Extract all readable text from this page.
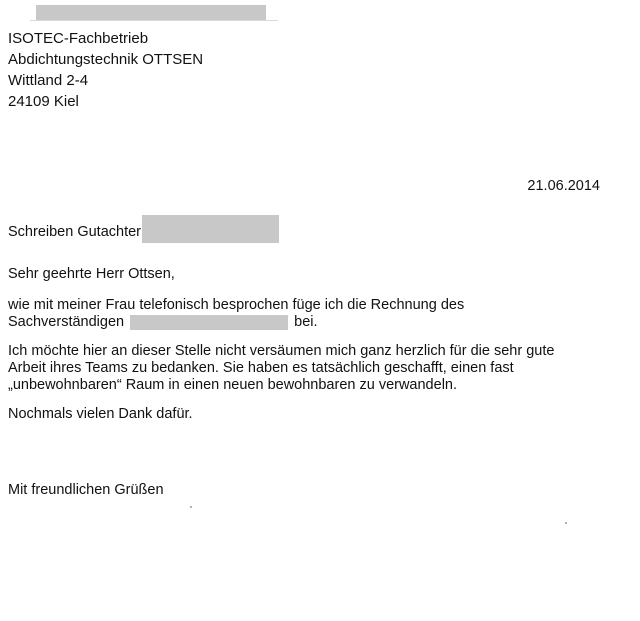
ISOTEC-Fachbetrieb
Abdichtungstechnik OTTSEN
Wittland 2-4
24109 Kiel
21.06.2014
Schreiben Gutachter
Sehr geehrte Herr Ottsen,
wie mit meiner Frau telefonisch besprochen füge ich die Rechnung des
Sachverständigen	bei.
Ich möchte hier an dieser Stelle nicht versäumen mich ganz herzlich für die sehr gute
Arbeit ihres Teams zu bedanken. Sie haben es tatsächlich geschafft, einen fast
„unbewohnbaren“ Raum in einen neuen bewohnbaren zu verwandeln.
Nochmals vielen Dank dafür.
Mit freundlichen Grüßen
